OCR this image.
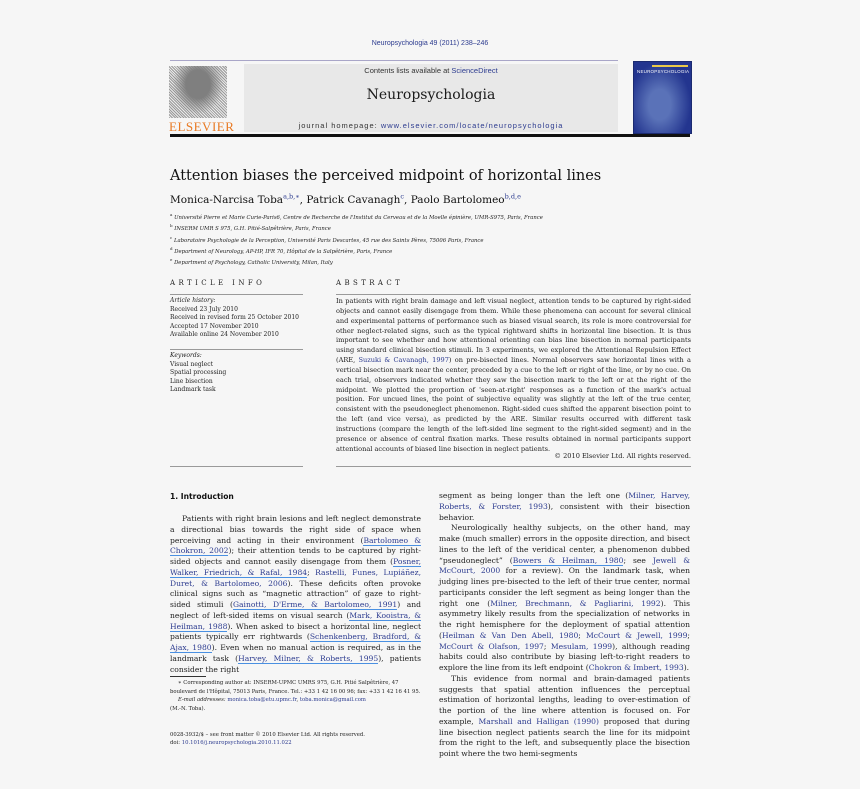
Neuropsychologia 49 (2011) 238–246
ELSEVIER
Contents lists available at ScienceDirect
Neuropsychologia
journal homepage: www.elsevier.com/locate/neuropsychologia
NEUROPSYCHOLOGIA
Attention biases the perceived midpoint of horizontal lines
Monica-Narcisa Toba$^{a,b,∗}$, Patrick Cavanagh$^c$, Paolo Bartolomeo$^{b,d,e}$
$^a$ Université Pierre et Marie Curie-Paris6, Centre de Recherche de l'Institut du Cerveau et de la Moelle épinière, UMR-S975, Paris, France
$^b$ INSERM UMR S 975, G.H. Pitié-Salpêtrière, Paris, France
$^c$ Laboratoire Psychologie de la Perception, Université Paris Descartes, 45 rue des Saints Pères, 75006 Paris, France
$^d$ Department of Neurology, AP-HP, IFR 70, Hôpital de la Salpêtrière, Paris, France
$^e$ Department of Psychology, Catholic University, Milan, Italy
ARTICLE INFO
Article history:
Received 23 July 2010
Received in revised form 25 October 2010
Accepted 17 November 2010
Available online 24 November 2010
Keywords:
Visual neglect
Spatial processing
Line bisection
Landmark task
ABSTRACT
In patients with right brain damage and left visual neglect, attention tends to be captured by right-sided objects and cannot easily disengage from them. While these phenomena can account for several clinical and experimental patterns of performance such as biased visual search, its role is more controversial for other neglect-related signs, such as the typical rightward shifts in horizontal line bisection. It is thus important to see whether and how attentional orienting can bias line bisection in normal participants using standard clinical bisection stimuli. In 3 experiments, we explored the Attentional Repulsion Effect (ARE, Suzuki & Cavanagh, 1997) on pre-bisected lines. Normal observers saw horizontal lines with a vertical bisection mark near the center, preceded by a cue to the left or right of the line, or by no cue. On each trial, observers indicated whether they saw the bisection mark to the left or at the right of the midpoint. We plotted the proportion of 'seen-at-right' responses as a function of the mark's actual position. For uncued lines, the point of subjective equality was slightly at the left of the true center, consistent with the pseudoneglect phenomenon. Right-sided cues shifted the apparent bisection point to the left (and vice versa), as predicted by the ARE. Similar results occurred with different task instructions (compare the length of the left-sided line segment to the right-sided segment) and in the presence or absence of central fixation marks. These results obtained in normal participants support attentional accounts of biased line bisection in neglect patients.
© 2010 Elsevier Ltd. All rights reserved.
1. Introduction

Patients with right brain lesions and left neglect demonstrate a directional bias towards the right side of space when perceiving and acting in their environment (Bartolomeo & Chokron, 2002); their attention tends to be captured by right-sided objects and cannot easily disengage from them (Posner, Walker, Friedrich, & Rafal, 1984; Rastelli, Funes, Lupiáñez, Duret, & Bartolomeo, 2006). These deficits often provoke clinical signs such as “magnetic attraction” of gaze to right-sided stimuli (Gainotti, D'Erme, & Bartolomeo, 1991) and neglect of left-sided items on visual search (Mark, Kooistra, & Heilman, 1988). When asked to bisect a horizontal line, neglect patients typically err rightwards (Schenkenberg, Bradford, & Ajax, 1980). Even when no manual action is required, as in the landmark task (Harvey, Milner, & Roberts, 1995), patients consider the right

segment as being longer than the left one (Milner, Harvey, Roberts, & Forster, 1993), consistent with their bisection behavior.

Neurologically healthy subjects, on the other hand, may make (much smaller) errors in the opposite direction, and bisect lines to the left of the veridical center, a phenomenon dubbed “pseudoneglect” (Bowers & Heilman, 1980; see Jewell & McCourt, 2000 for a review). On the landmark task, when judging lines pre-bisected to the left of their true center, normal participants consider the left segment as being longer than the right one (Milner, Brechmann, & Pagliarini, 1992). This asymmetry likely results from the specialization of networks in the right hemisphere for the deployment of spatial attention (Heilman & Van Den Abell, 1980; McCourt & Jewell, 1999; McCourt & Olafson, 1997; Mesulam, 1999), although reading habits could also contribute by biasing left-to-right readers to explore the line from its left endpoint (Chokron & Imbert, 1993).

This evidence from normal and brain-damaged patients suggests that spatial attention influences the perceptual estimation of horizontal lengths, leading to over-estimation of the portion of the line where attention is focused on. For example, Marshall and Halligan (1990) proposed that during line bisection neglect patients search the line for its midpoint from the right to the left, and subsequently place the bisection point where the two hemi-segments

∗ Corresponding author at: INSERM-UPMC UMRS 975, G.H. Pitié Salpêtrière, 47 boulevard de l'Hôpital, 75013 Paris, France. Tel.: +33 1 42 16 00 96; fax: +33 1 42 16 41 95.
E-mail addresses: monica.toba@etu.upmc.fr, toba.monica@gmail.com
(M.-N. Toba).
0028-3932/$ – see front matter © 2010 Elsevier Ltd. All rights reserved.
doi: 10.1016/j.neuropsychologia.2010.11.022
